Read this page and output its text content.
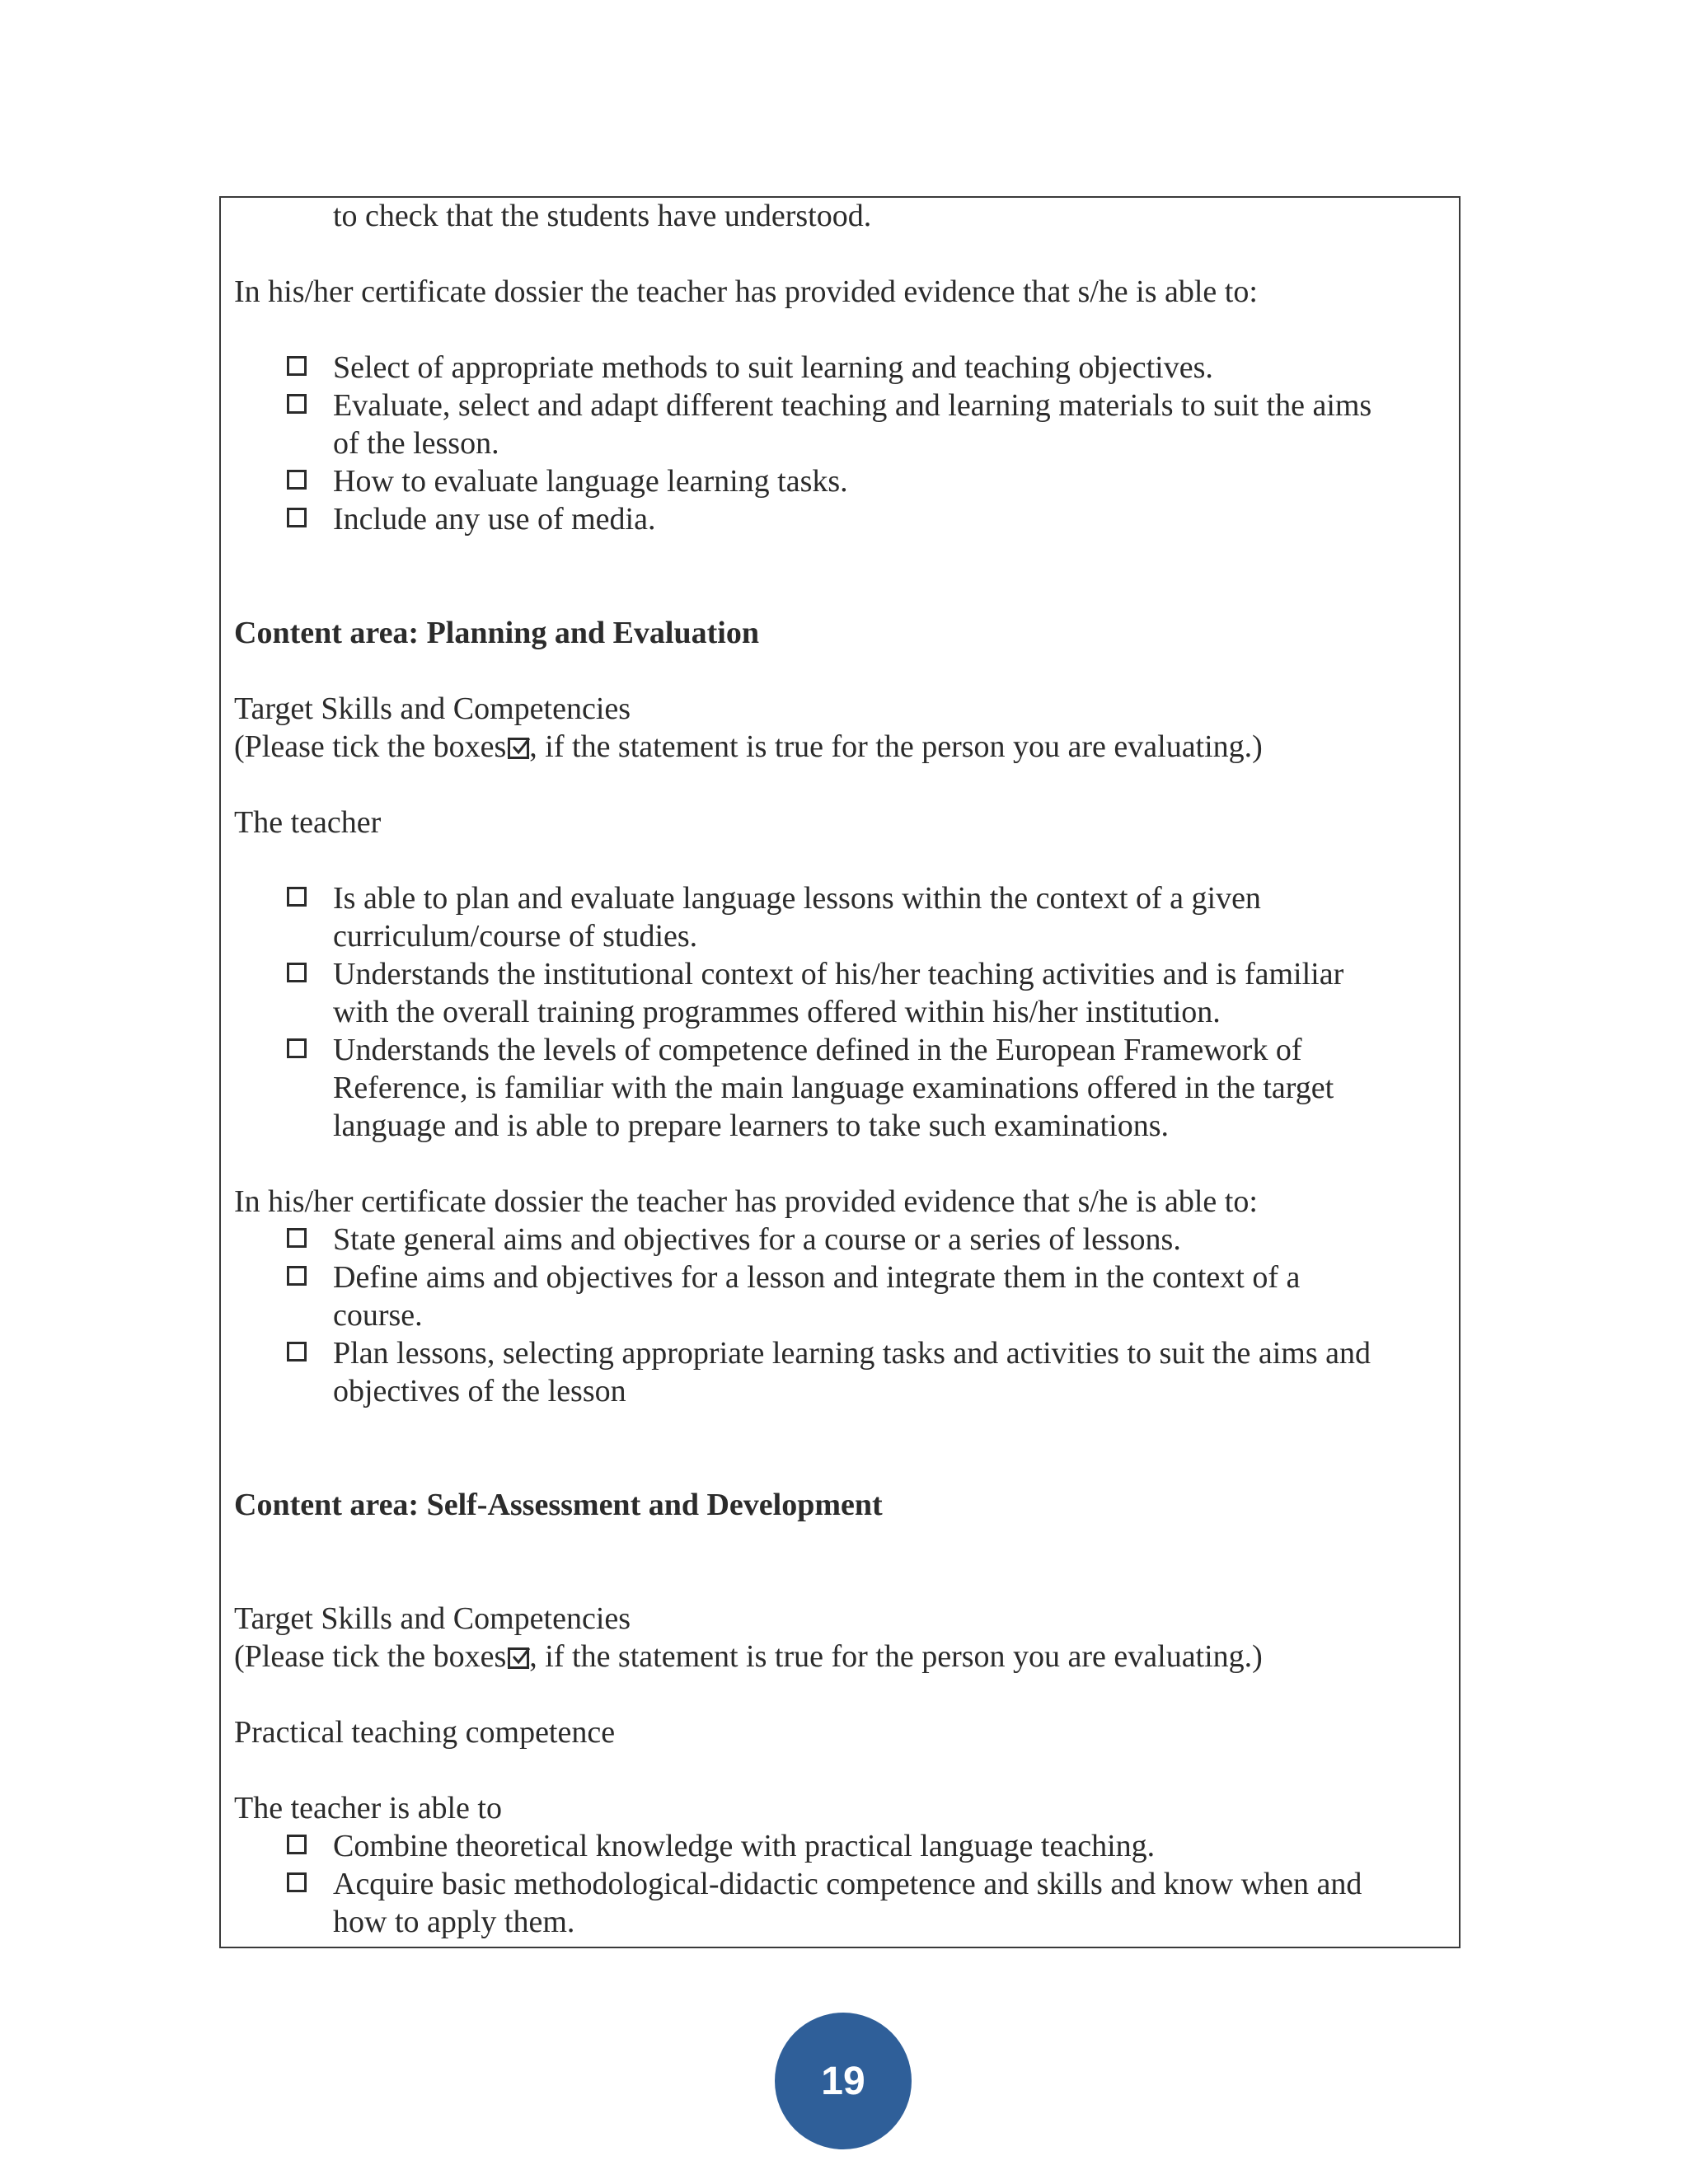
to check that the students have understood.

In his/her certificate dossier the teacher has provided evidence that s/he is able to:

Select of appropriate methods to suit learning and teaching objectives.

Evaluate, select and adapt different teaching and learning materials to suit the aims

of the lesson.

How to evaluate language learning tasks.

Include any use of media.

Content area: Planning and Evaluation

Target Skills and Competencies

(Please tick the boxes , if the statement is true for the person you are evaluating.)

The teacher

Is able to plan and evaluate language lessons within the context of a given

curriculum/course of studies.

Understands the institutional context of his/her teaching activities and is familiar

with the overall training programmes offered within his/her institution.

Understands the levels of competence defined in the European Framework of

Reference, is familiar with the main language examinations offered in the target

language and is able to prepare learners to take such examinations.

In his/her certificate dossier the teacher has provided evidence that s/he is able to:

State general aims and objectives for a course or a series of lessons.

Define aims and objectives for a lesson and integrate them in the context of a

course.

Plan lessons, selecting appropriate learning tasks and activities to suit the aims and

objectives of the lesson

Content area: Self-Assessment and Development

Target Skills and Competencies

(Please tick the boxes , if the statement is true for the person you are evaluating.)

Practical teaching competence

The teacher is able to

Combine theoretical knowledge with practical language teaching.

Acquire basic methodological-didactic competence and skills and know when and

how to apply them.

19
